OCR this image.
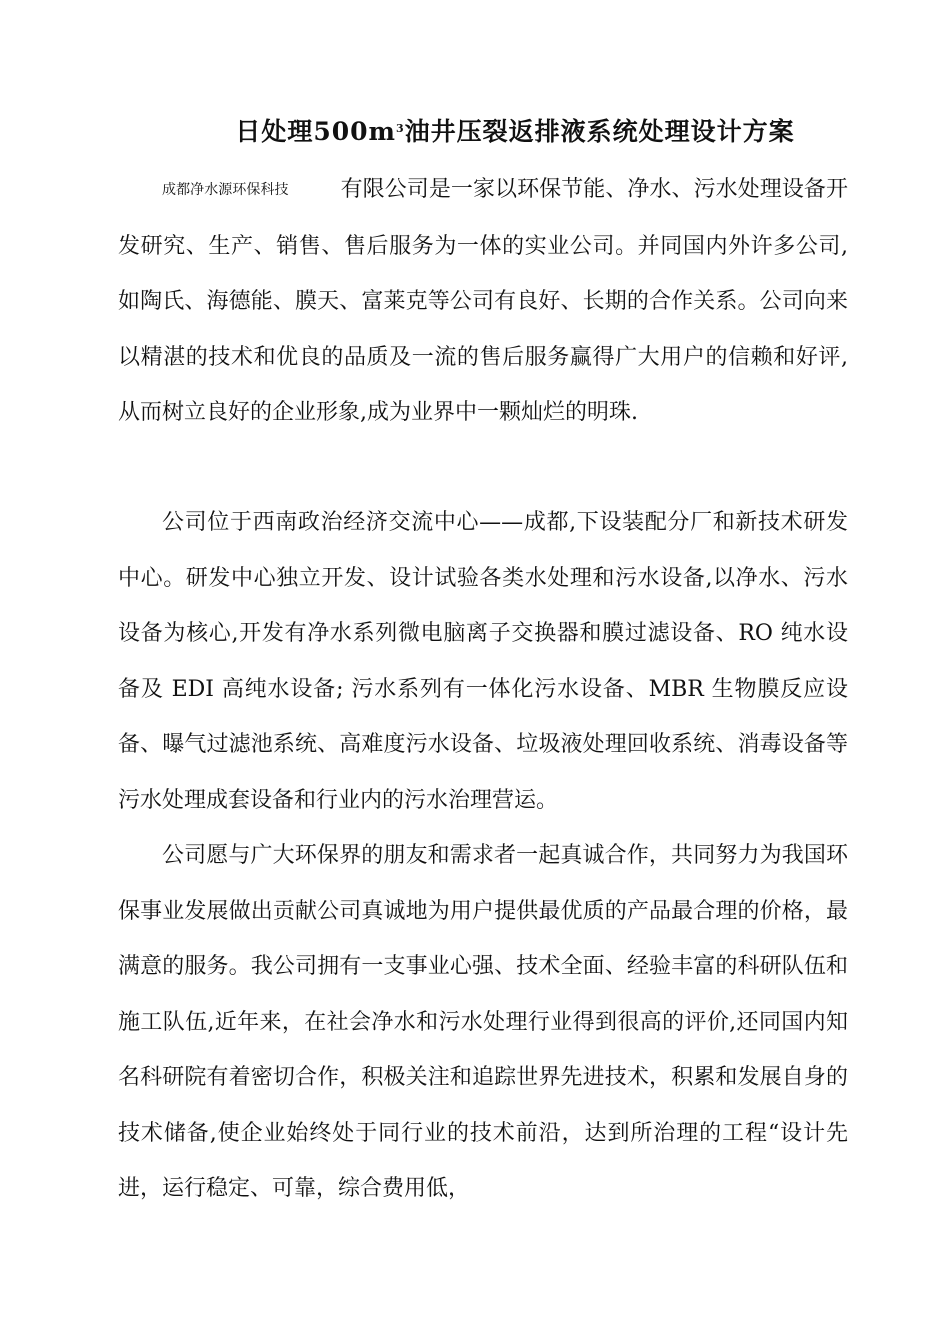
日处理$500m^3$油井压裂返排液系统处理设计方案

成都净水源环保科技 有限公司是一家以环保节能、净水、污水处理设备开发研究、生产、销售、售后服务为一体的实业公司。并同国内外许多公司,如陶氏、海德能、膜天、富莱克等公司有良好、长期的合作关系。公司向来以精湛的技术和优良的品质及一流的售后服务赢得广大用户的信赖和好评,从而树立良好的企业形象,成为业界中一颗灿烂的明珠.

公司位于西南政治经济交流中心——成都,下设装配分厂和新技术研发中心。研发中心独立开发、设计试验各类水处理和污水设备,以净水、污水设备为核心,开发有净水系列微电脑离子交换器和膜过滤设备、RO 纯水设备及 EDI 高纯水设备; 污水系列有一体化污水设备、MBR 生物膜反应设备、曝气过滤池系统、高难度污水设备、垃圾液处理回收系统、消毒设备等污水处理成套设备和行业内的污水治理营运。

公司愿与广大环保界的朋友和需求者一起真诚合作，共同努力为我国环保事业发展做出贡献公司真诚地为用户提供最优质的产品最合理的价格，最满意的服务。我公司拥有一支事业心强、技术全面、经验丰富的科研队伍和施工队伍,近年来，在社会净水和污水处理行业得到很高的评价,还同国内知名科研院有着密切合作，积极关注和追踪世界先进技术，积累和发展自身的技术储备,使企业始终处于同行业的技术前沿，达到所治理的工程“设计先进，运行稳定、可靠，综合费用低，
